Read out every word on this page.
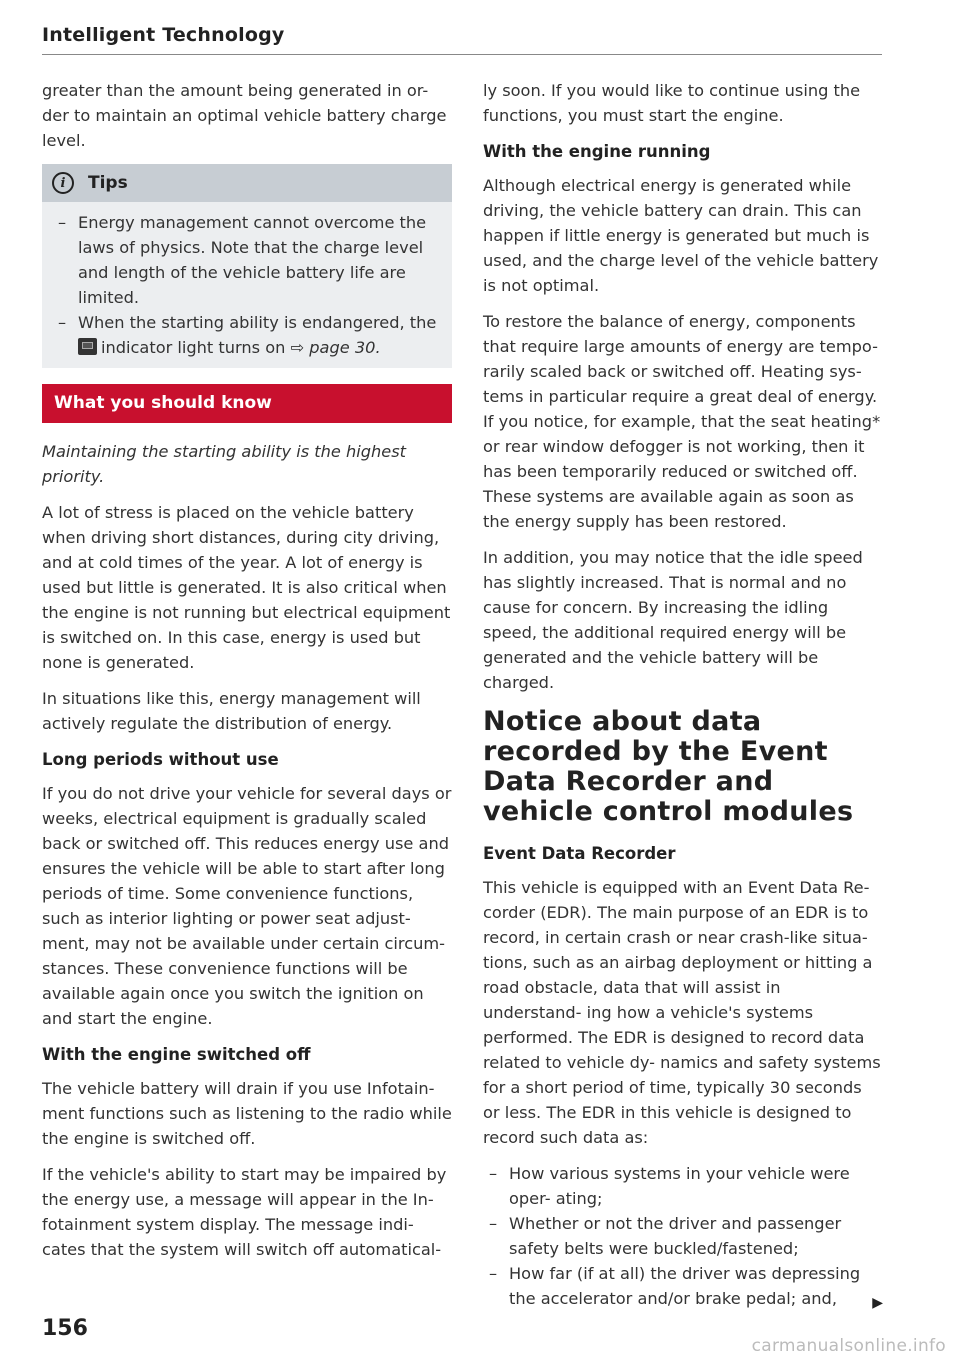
Intelligent Technology

greater than the amount being generated in or- der to maintain an optimal vehicle battery charge level.

i	Tips
– Energy management cannot overcome the laws of physics. Note that the charge level and length of the vehicle battery life are limited.
– When the starting ability is endangered, the
indicator light turns on ⇨ page 30.
What you should know

Maintaining the starting ability is the highest priority.

A lot of stress is placed on the vehicle battery when driving short distances, during city driving, and at cold times of the year. A lot of energy is used but little is generated. It is also critical when the engine is not running but electrical equipment is switched on. In this case, energy is used but none is generated.

In situations like this, energy management will actively regulate the distribution of energy.

Long periods without use

If you do not drive your vehicle for several days or weeks, electrical equipment is gradually scaled back or switched off. This reduces energy use and ensures the vehicle will be able to start after long periods of time. Some convenience functions, such as interior lighting or power seat adjust- ment, may not be available under certain circum- stances. These convenience functions will be available again once you switch the ignition on and start the engine.

With the engine switched off

The vehicle battery will drain if you use Infotain- ment functions such as listening to the radio while the engine is switched off.

If the vehicle's ability to start may be impaired by the energy use, a message will appear in the In- fotainment system display. The message indi- cates that the system will switch off automatical-

ly soon. If you would like to continue using the functions, you must start the engine.

With the engine running

Although electrical energy is generated while driving, the vehicle battery can drain. This can happen if little energy is generated but much is used, and the charge level of the vehicle battery is not optimal.

To restore the balance of energy, components that require large amounts of energy are tempo- rarily scaled back or switched off. Heating sys- tems in particular require a great deal of energy. If you notice, for example, that the seat heating* or rear window defogger is not working, then it has been temporarily reduced or switched off. These systems are available again as soon as the energy supply has been restored.

In addition, you may notice that the idle speed has slightly increased. That is normal and no cause for concern. By increasing the idling speed, the additional required energy will be generated and the vehicle battery will be charged.

Notice about data recorded by the Event Data Recorder and vehicle control modules
Event Data Recorder

This vehicle is equipped with an Event Data Re- corder (EDR). The main purpose of an EDR is to record, in certain crash or near crash-like situa- tions, such as an airbag deployment or hitting a road obstacle, data that will assist in understand- ing how a vehicle's systems performed. The EDR is designed to record data related to vehicle dy- namics and safety systems for a short period of time, typically 30 seconds or less. The EDR in this vehicle is designed to record such data as:

– How various systems in your vehicle were oper- ating;
– Whether or not the driver and passenger safety belts were buckled/fastened;
– How far (if at all) the driver was depressing the accelerator and/or brake pedal; and,	▶
156
carmanualsonline.info
